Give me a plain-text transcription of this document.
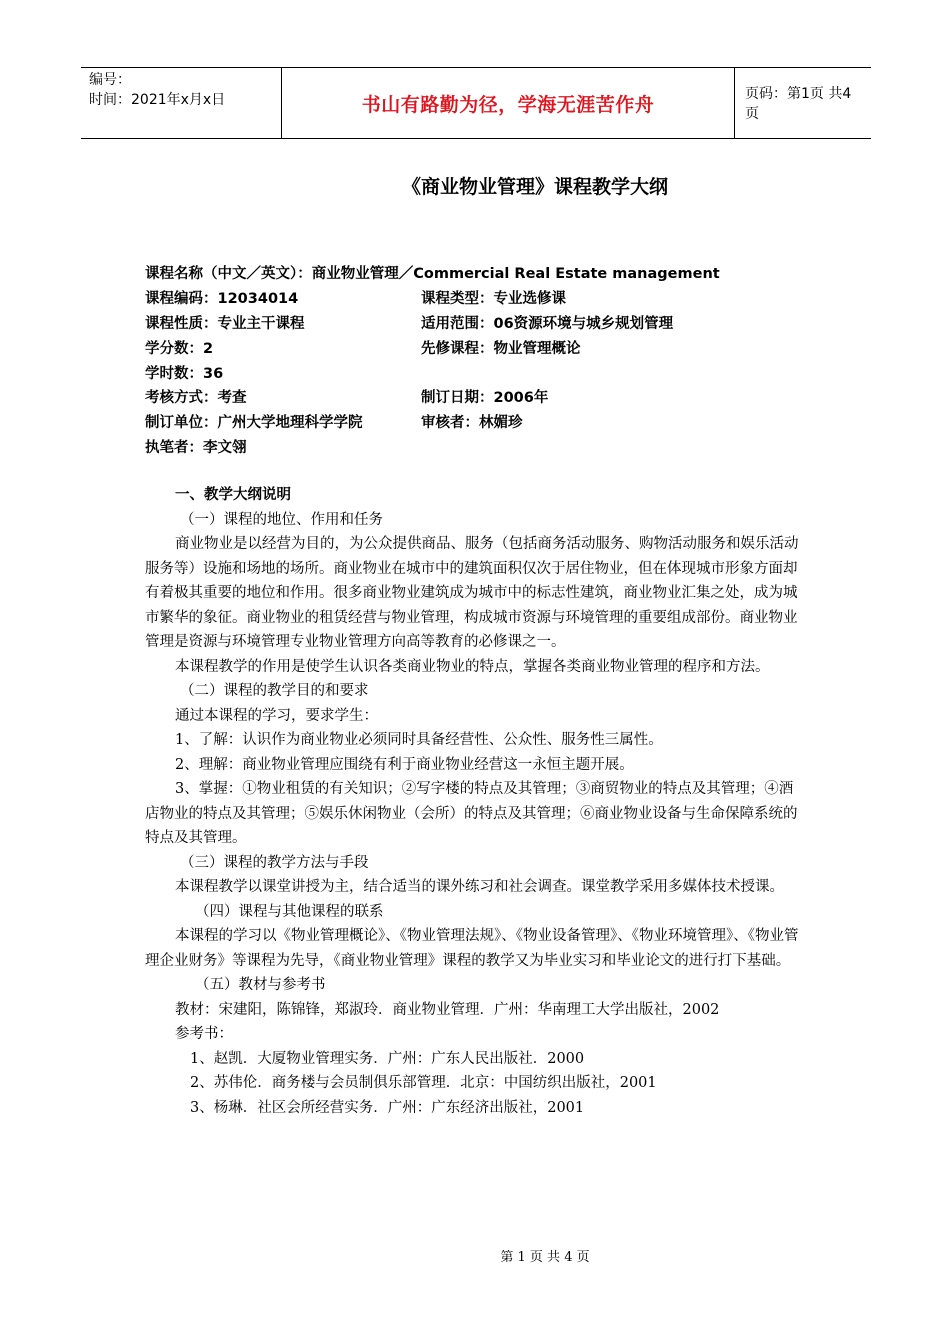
编号：
时间：2021年x月x日	书山有路勤为径，学海无涯苦作舟	页码：第1页 共4页
《商业物业管理》课程教学大纲
课程名称（中文／英文）：商业物业管理／Commercial Real Estate management
课程编码：12034014	课程类型：专业选修课
课程性质：专业主干课程	适用范围：06资源环境与城乡规划管理
学分数：2	先修课程：物业管理概论
学时数：36
考核方式：考查	制订日期：2006年
制订单位：广州大学地理科学学院	审核者：林媚珍
执笔者：李文翎

一、教学大纲说明

（一）课程的地位、作用和任务

商业物业是以经营为目的，为公众提供商品、服务（包括商务活动服务、购物活动服务和娱乐活动服务等）设施和场地的场所。商业物业在城市中的建筑面积仅次于居住物业，但在体现城市形象方面却有着极其重要的地位和作用。很多商业物业建筑成为城市中的标志性建筑，商业物业汇集之处，成为城市繁华的象征。商业物业的租赁经营与物业管理，构成城市资源与环境管理的重要组成部份。商业物业管理是资源与环境管理专业物业管理方向高等教育的必修课之一。

本课程教学的作用是使学生认识各类商业物业的特点，掌握各类商业物业管理的程序和方法。

（二）课程的教学目的和要求

通过本课程的学习，要求学生：

1、了解：认识作为商业物业必须同时具备经营性、公众性、服务性三属性。

2、理解：商业物业管理应围绕有利于商业物业经营这一永恒主题开展。

3、掌握：①物业租赁的有关知识；②写字楼的特点及其管理；③商贸物业的特点及其管理；④酒店物业的特点及其管理；⑤娱乐休闲物业（会所）的特点及其管理；⑥商业物业设备与生命保障系统的特点及其管理。

（三）课程的教学方法与手段

本课程教学以课堂讲授为主，结合适当的课外练习和社会调查。课堂教学采用多媒体技术授课。

（四）课程与其他课程的联系

本课程的学习以《物业管理概论》、《物业管理法规》、《物业设备管理》、《物业环境管理》、《物业管理企业财务》等课程为先导，《商业物业管理》课程的教学又为毕业实习和毕业论文的进行打下基础。

（五）教材与参考书

教材：宋建阳，陈锦锋，郑淑玲．商业物业管理．广州：华南理工大学出版社，2002

参考书：

1、赵凯．大厦物业管理实务．广州：广东人民出版社．2000

2、苏伟伦．商务楼与会员制俱乐部管理．北京：中国纺织出版社，2001

3、杨琳．社区会所经营实务．广州：广东经济出版社，2001

第 1 页 共 4 页
